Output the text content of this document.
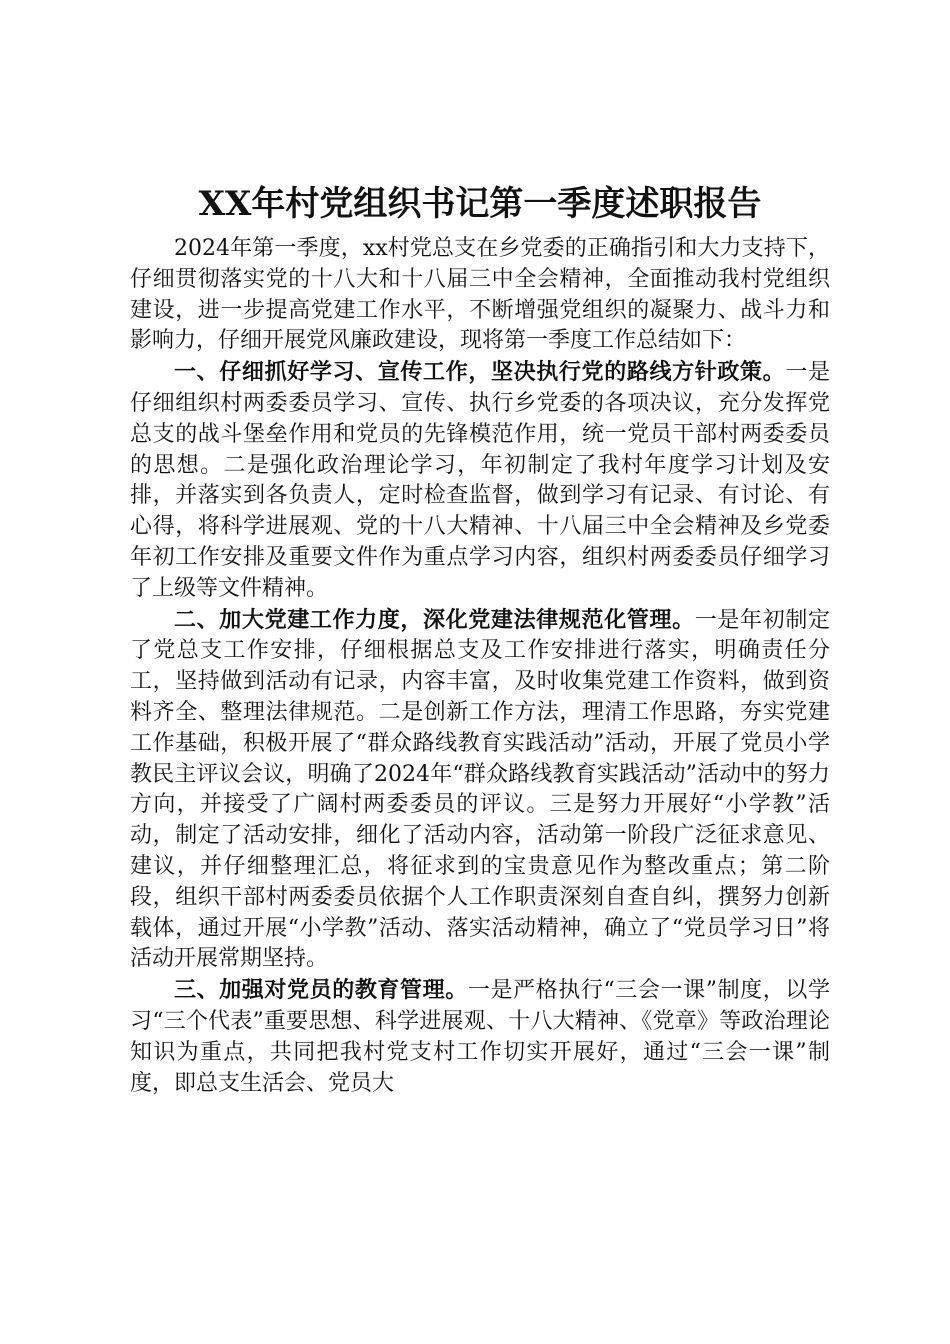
XX年村党组织书记第一季度述职报告

2024年第一季度，xx村党总支在乡党委的正确指引和大力支持下，仔细贯彻落实党的十八大和十八届三中全会精神，全面推动我村党组织建设，进一步提高党建工作水平，不断增强党组织的凝聚力、战斗力和影响力，仔细开展党风廉政建设，现将第一季度工作总结如下：

一、仔细抓好学习、宣传工作，坚决执行党的路线方针政策。一是仔细组织村两委委员学习、宣传、执行乡党委的各项决议，充分发挥党总支的战斗堡垒作用和党员的先锋模范作用，统一党员干部村两委委员的思想。二是强化政治理论学习，年初制定了我村年度学习计划及安排，并落实到各负责人，定时检查监督，做到学习有记录、有讨论、有心得，将科学进展观、党的十八大精神、十八届三中全会精神及乡党委年初工作安排及重要文件作为重点学习内容，组织村两委委员仔细学习了上级等文件精神。

二、加大党建工作力度，深化党建法律规范化管理。一是年初制定了党总支工作安排，仔细根据总支及工作安排进行落实，明确责任分工，坚持做到活动有记录，内容丰富，及时收集党建工作资料，做到资料齐全、整理法律规范。二是创新工作方法，理清工作思路，夯实党建工作基础，积极开展了“群众路线教育实践活动”活动，开展了党员小学教民主评议会议，明确了2024年“群众路线教育实践活动”活动中的努力方向，并接受了广阔村两委委员的评议。三是努力开展好“小学教”活动，制定了活动安排，细化了活动内容，活动第一阶段广泛征求意见、建议，并仔细整理汇总，将征求到的宝贵意见作为整改重点；第二阶段，组织干部村两委委员依据个人工作职责深刻自查自纠，撰努力创新载体，通过开展“小学教”活动、落实活动精神，确立了“党员学习日”将活动开展常期坚持。

三、加强对党员的教育管理。一是严格执行“三会一课”制度，以学习“三个代表”重要思想、科学进展观、十八大精神、《党章》等政治理论知识为重点，共同把我村党支村工作切实开展好，通过“三会一课”制度，即总支生活会、党员大
